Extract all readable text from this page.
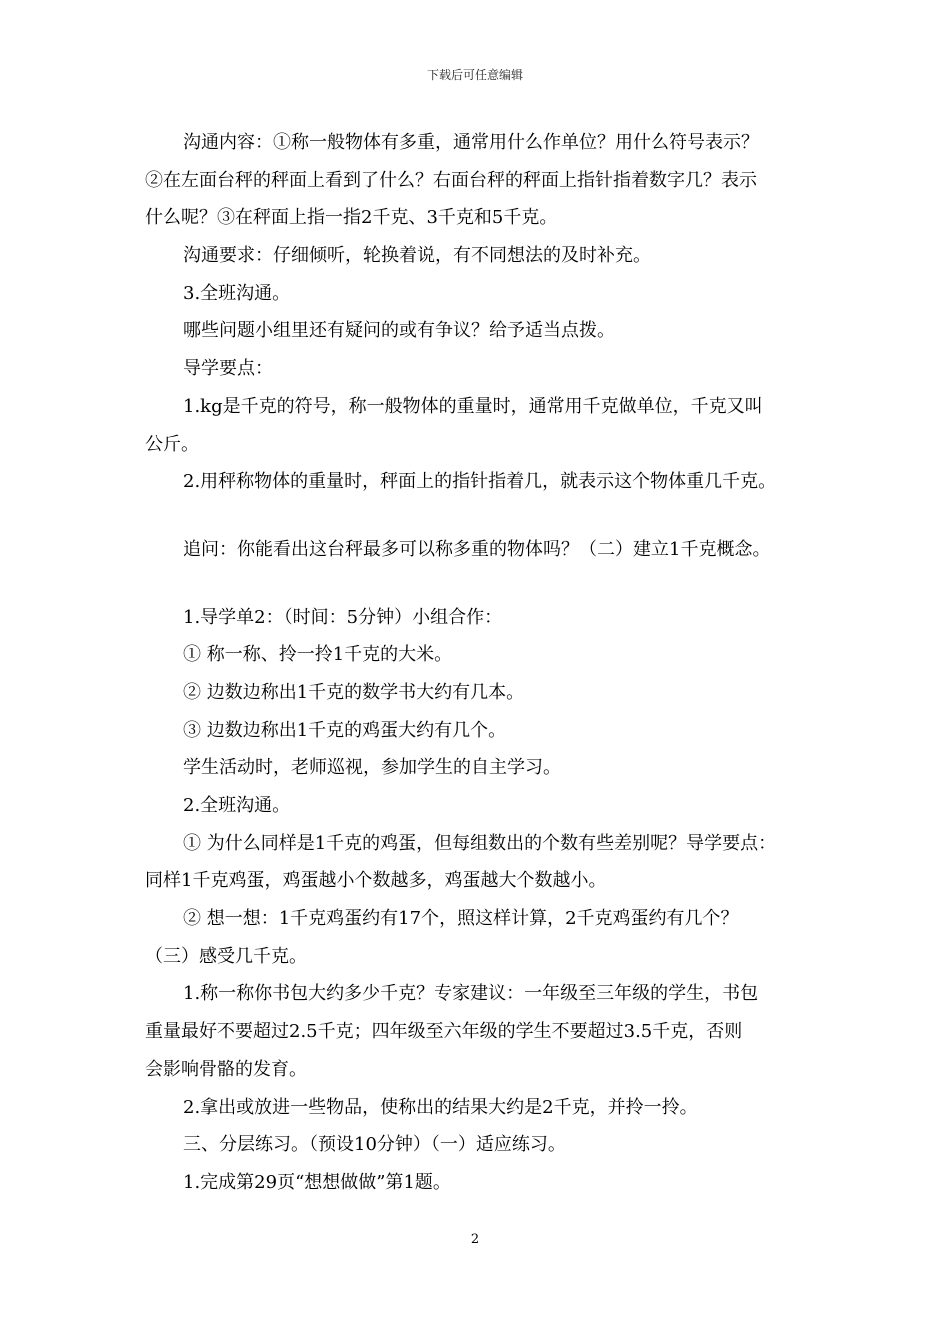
下载后可任意编辑
沟通内容：①称一般物体有多重，通常用什么作单位？用什么符号表示？
②在左面台秤的秤面上看到了什么？右面台秤的秤面上指针指着数字几？表示
什么呢？③在秤面上指一指2千克、3千克和5千克。
沟通要求：仔细倾听，轮换着说，有不同想法的及时补充。
3.全班沟通。
哪些问题小组里还有疑问的或有争议？给予适当点拨。
导学要点：
1.kg是千克的符号，称一般物体的重量时，通常用千克做单位，千克又叫
公斤。
2.用秤称物体的重量时，秤面上的指针指着几，就表示这个物体重几千克。
追问：你能看出这台秤最多可以称多重的物体吗？（二）建立1千克概念。
1.导学单2：（时间：5分钟）小组合作：
① 称一称、拎一拎1千克的大米。
② 边数边称出1千克的数学书大约有几本。
③ 边数边称出1千克的鸡蛋大约有几个。
学生活动时，老师巡视，参加学生的自主学习。
2.全班沟通。
① 为什么同样是1千克的鸡蛋，但每组数出的个数有些差别呢？导学要点：
同样1千克鸡蛋，鸡蛋越小个数越多，鸡蛋越大个数越小。
② 想一想：1千克鸡蛋约有17个，照这样计算，2千克鸡蛋约有几个？
（三）感受几千克。
1.称一称你书包大约多少千克？专家建议：一年级至三年级的学生，书包
重量最好不要超过2.5千克；四年级至六年级的学生不要超过3.5千克，否则
会影响骨骼的发育。
2.拿出或放进一些物品，使称出的结果大约是2千克，并拎一拎。
三、分层练习。（预设10分钟）（一）适应练习。
1.完成第29页“想想做做”第1题。
2
